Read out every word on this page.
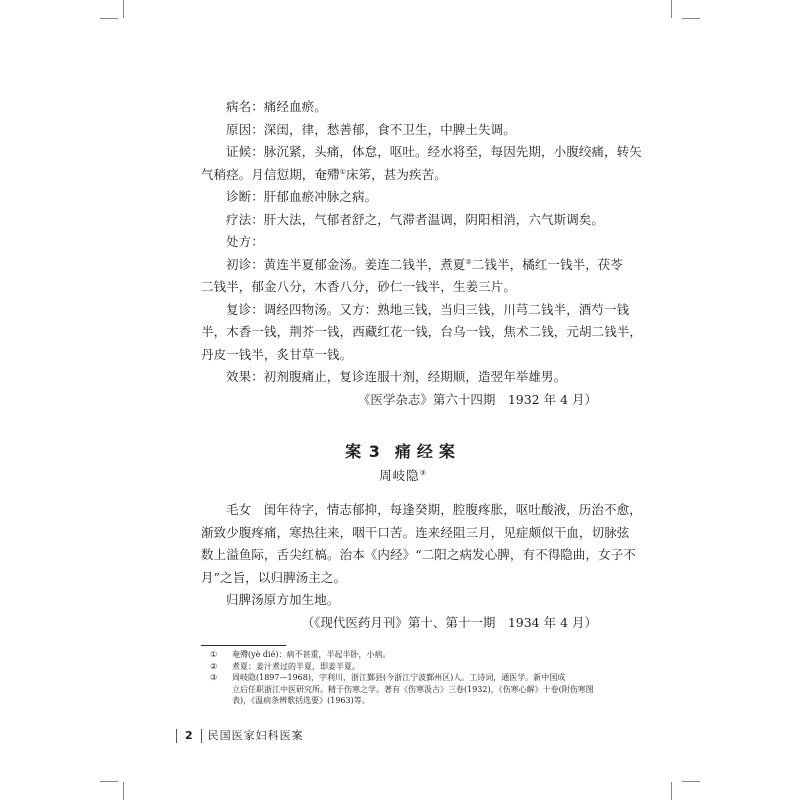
病名：痛经血瘀。

原因：深闺，律，愁善郁，食不卫生，中脾土失调。

证候：脉沉紧，头痛，体怠，呕吐。经水将至，每因先期，小腹绞痛，转矢

气稍痉。月信愆期，奄殢①床笫，甚为疾苦。

诊断：肝郁血瘀冲脉之病。

疗法：肝大法，气郁者舒之，气滞者温调，阴阳相消，六气斯调矣。

处方：

初诊：黄连半夏郁金汤。姜连二钱半，煮夏②二钱半，橘红一钱半，茯苓

二钱半，郁金八分，木香八分，砂仁一钱半，生姜三片。

复诊：调经四物汤。又方：熟地三钱，当归三钱，川芎二钱半，酒芍一钱

半，木香一钱，荆芥一钱，西藏红花一钱，台乌一钱，焦术二钱，元胡二钱半，

丹皮一钱半，炙甘草一钱。

效果：初剂腹痛止，复诊连服十剂，经期顺，造翌年举雄男。

《医学杂志》第六十四期　1932 年 4 月）

案 3 痛经案
周岐隐③

毛女　闺年待字，情志郁抑，每逢癸期，腔腹疼胀，呕吐酸液，历治不愈，

渐致少腹疼痛，寒热往来，咽干口苦。连来经阻三月，见症颇似干血，切脉弦

数上溢鱼际，舌尖红槁。治本《内经》“二阳之病发心脾，有不得隐曲，女子不

月”之旨，以归脾汤主之。

归脾汤原方加生地。

（《现代医药月刊》第十、第十一期　1934 年 4 月）

① 奄殢(yè dié)：病不甚重，半起半卧，小病。

② 煮夏：姜汁煮过的半夏，即姜半夏。

③ 周岐隐(1897—1968)，字利川，浙江鄞县(今浙江宁波鄞州区)人。工诗词，通医学。新中国成

立后任职浙江中医研究所。精于伤寒之学。著有《伤寒汲古》三卷(1932)，《伤寒心解》十卷(附伤寒图

表)，《温病条辨歌括选要》(1963)等。

2 民国医家妇科医案
